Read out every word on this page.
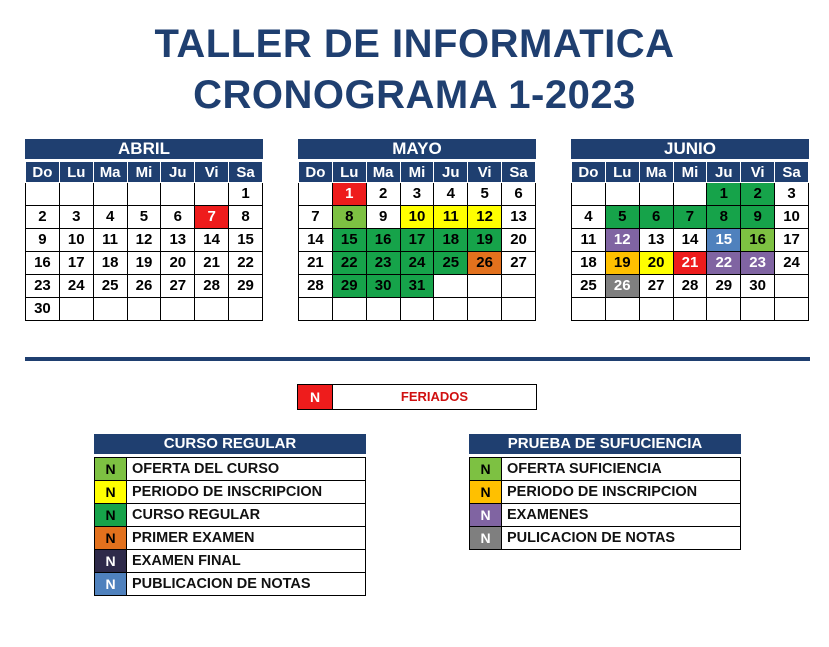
TALLER DE INFORMATICA
CRONOGRAMA 1-2023
ABRIL
Do	Lu	Ma	Mi	Ju	Vi	Sa
						1
2	3	4	5	6	7	8
9	10	11	12	13	14	15
16	17	18	19	20	21	22
23	24	25	26	27	28	29
30						
MAYO
Do	Lu	Ma	Mi	Ju	Vi	Sa
	1	2	3	4	5	6
7	8	9	10	11	12	13
14	15	16	17	18	19	20
21	22	23	24	25	26	27
28	29	30	31			

JUNIO
Do	Lu	Ma	Mi	Ju	Vi	Sa
				1	2	3
4	5	6	7	8	9	10
11	12	13	14	15	16	17
18	19	20	21	22	23	24
25	26	27	28	29	30	

N	FERIADOS
CURSO REGULAR
N	OFERTA DEL CURSO
N	PERIODO DE INSCRIPCION
N	CURSO REGULAR
N	PRIMER EXAMEN
N	EXAMEN FINAL
N	PUBLICACION DE NOTAS
PRUEBA DE SUFUCIENCIA
N	OFERTA SUFICIENCIA
N	PERIODO DE INSCRIPCION
N	EXAMENES
N	PULICACION DE NOTAS
